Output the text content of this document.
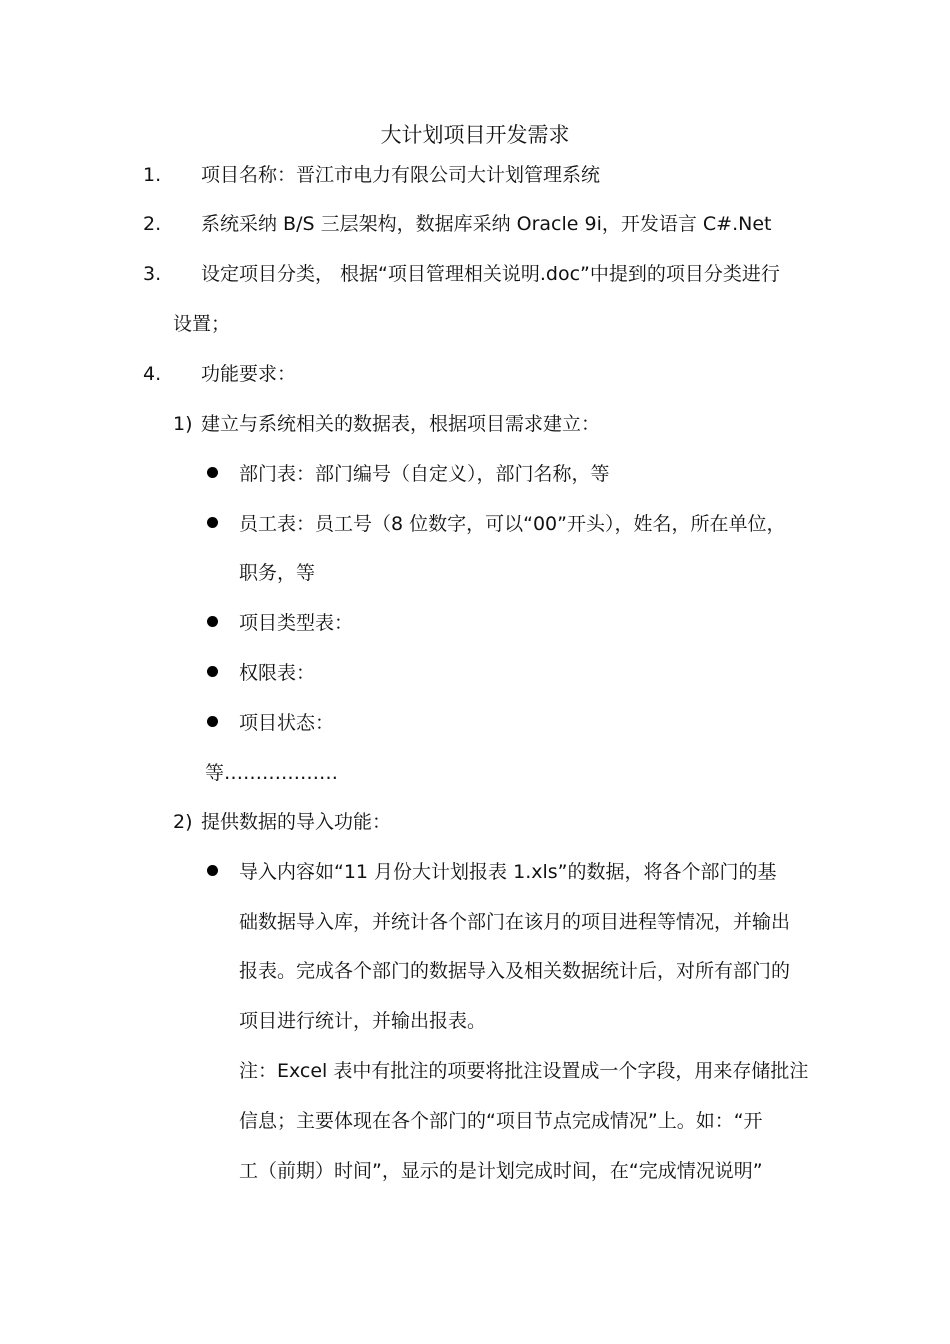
大计划项目开发需求
1. 项目名称：晋江市电力有限公司大计划管理系统
2. 系统采纳 B/S 三层架构，数据库采纳 Oracle 9i，开发语言 C#.Net
3. 设定项目分类， 根据“项目管理相关说明.doc”中提到的项目分类进行
设置；
4. 功能要求：
1) 建立与系统相关的数据表，根据项目需求建立：
部门表：部门编号（自定义），部门名称，等
员工表：员工号（8 位数字，可以“00”开头），姓名，所在单位，
职务，等
项目类型表：
权限表：
项目状态：
等………………
2) 提供数据的导入功能：
导入内容如“11 月份大计划报表 1.xls”的数据，将各个部门的基
础数据导入库，并统计各个部门在该月的项目进程等情况，并输出
报表。完成各个部门的数据导入及相关数据统计后，对所有部门的
项目进行统计，并输出报表。
注：Excel 表中有批注的项要将批注设置成一个字段，用来存储批注
信息；主要体现在各个部门的“项目节点完成情况”上。如：“开
工（前期）时间”，显示的是计划完成时间，在“完成情况说明”
